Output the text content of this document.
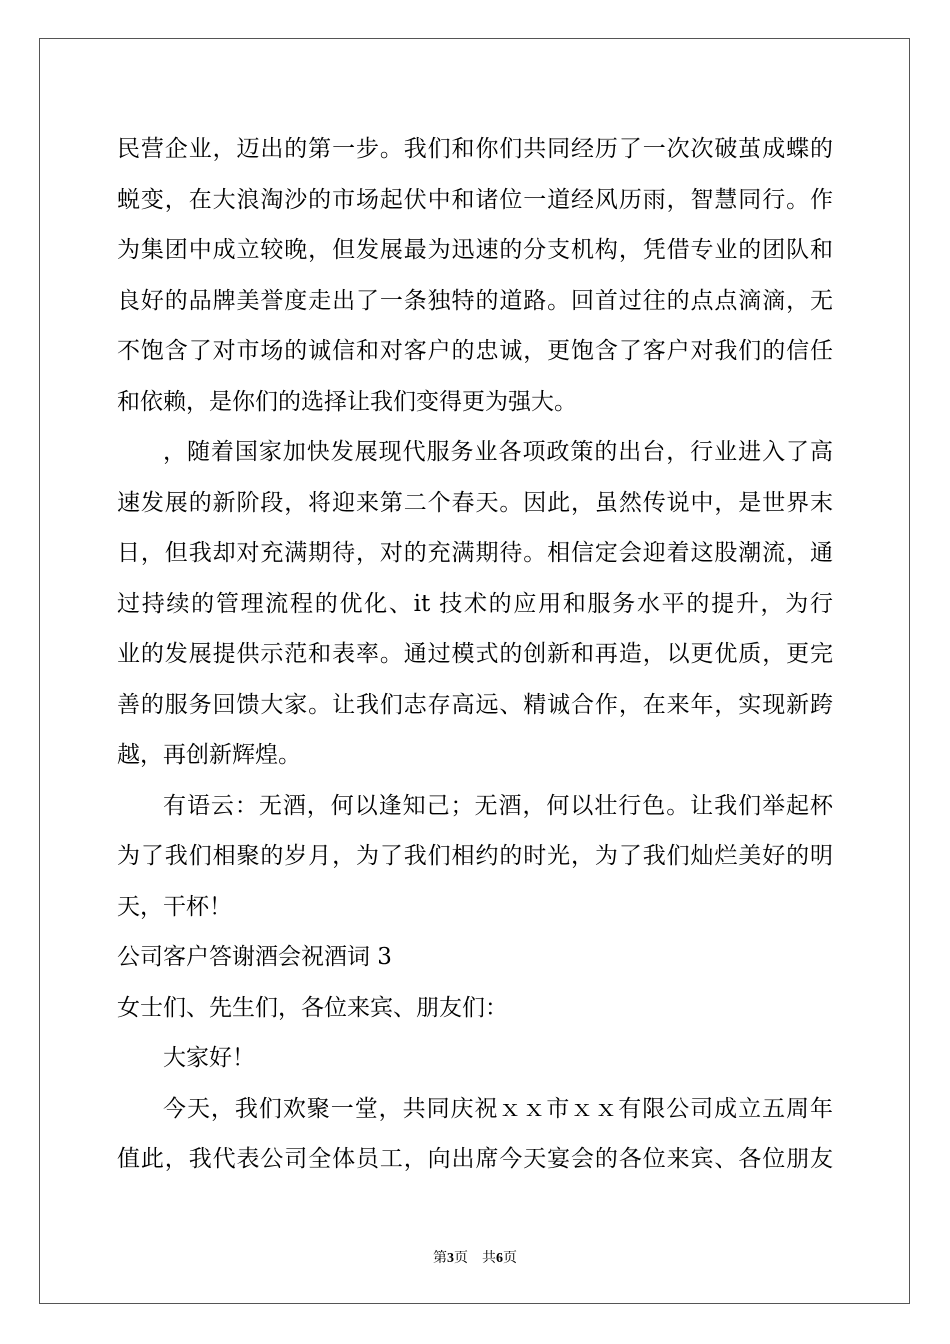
民营企业，迈出的第一步。我们和你们共同经历了一次次破茧成蝶的
蜕变，在大浪淘沙的市场起伏中和诸位一道经风历雨，智慧同行。作
为集团中成立较晚，但发展最为迅速的分支机构，凭借专业的团队和
良好的品牌美誉度走出了一条独特的道路。回首过往的点点滴滴，无
不饱含了对市场的诚信和对客户的忠诚，更饱含了客户对我们的信任
和依赖，是你们的选择让我们变得更为强大。
，随着国家加快发展现代服务业各项政策的出台，行业进入了高
速发展的新阶段，将迎来第二个春天。因此，虽然传说中，是世界末
日，但我却对充满期待，对的充满期待。相信定会迎着这股潮流，通
过持续的管理流程的优化、it 技术的应用和服务水平的提升，为行
业的发展提供示范和表率。通过模式的创新和再造，以更优质，更完
善的服务回馈大家。让我们志存高远、精诚合作，在来年，实现新跨
越，再创新辉煌。
有语云：无酒，何以逢知己；无酒，何以壮行色。让我们举起杯
为了我们相聚的岁月，为了我们相约的时光，为了我们灿烂美好的明
天，干杯！
公司客户答谢酒会祝酒词 3
女士们、先生们，各位来宾、朋友们：
大家好！
今天，我们欢聚一堂，共同庆祝ｘｘ市ｘｘ有限公司成立五周年
值此，我代表公司全体员工，向出席今天宴会的各位来宾、各位朋友
第3页 共6页
